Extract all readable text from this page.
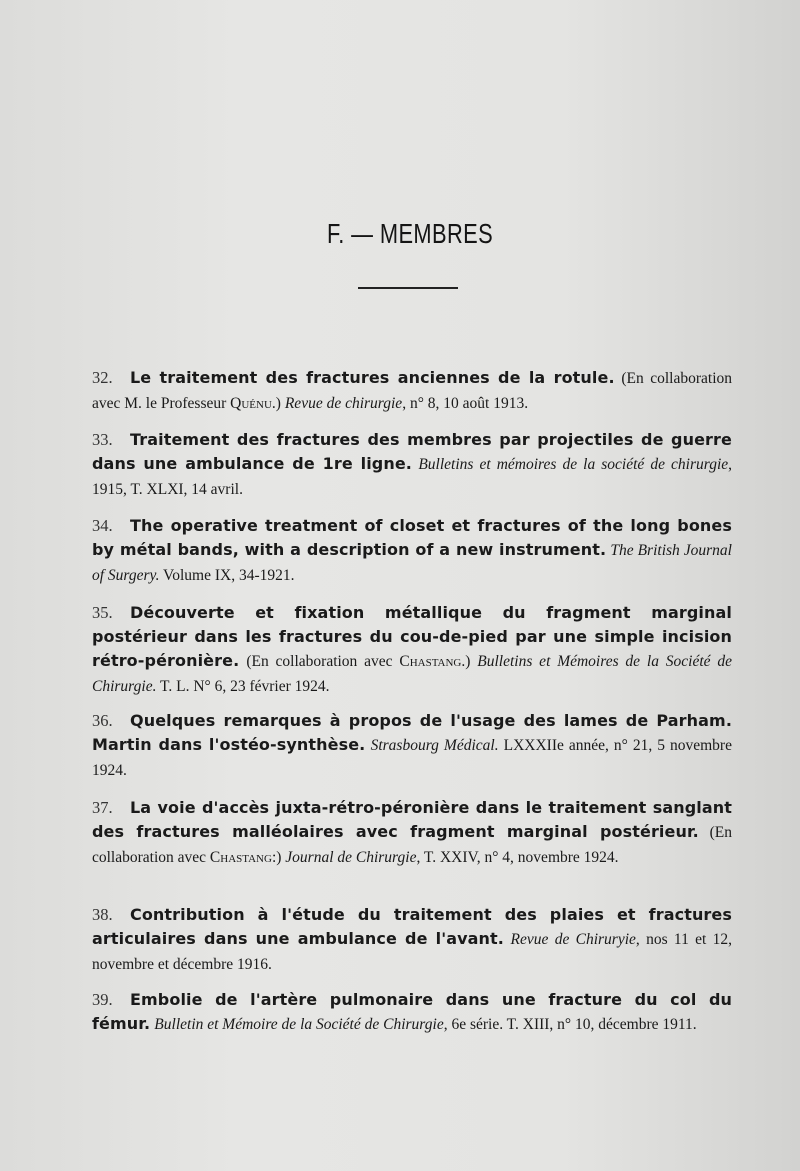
F. — MEMBRES
32. Le traitement des fractures anciennes de la rotule. (En collaboration avec M. le Professeur Quénu.) Revue de chirurgie, n° 8, 10 août 1913.
33. Traitement des fractures des membres par projectiles de guerre dans une ambulance de 1re ligne. Bulletins et mémoires de la société de chirurgie, 1915, T. XLXI, 14 avril.
34. The operative treatment of closet et fractures of the long bones by métal bands, with a description of a new instrument. The British Journal of Surgery. Volume IX, 34-1921.
35. Découverte et fixation métallique du fragment marginal postérieur dans les fractures du cou-de-pied par une simple incision rétro-péronière. (En collaboration avec Chastang.) Bulletins et Mémoires de la Société de Chirurgie. T. L. N° 6, 23 février 1924.
36. Quelques remarques à propos de l'usage des lames de Parham. Martin dans l'ostéo-synthèse. Strasbourg Médical. LXXXIIe année, n° 21, 5 novembre 1924.
37. La voie d'accès juxta-rétro-péronière dans le traitement sanglant des fractures malléolaires avec fragment marginal postérieur. (En collaboration avec Chastang:) Journal de Chirurgie, T. XXIV, n° 4, novembre 1924.
38. Contribution à l'étude du traitement des plaies et fractures articulaires dans une ambulance de l'avant. Revue de Chiruryie, nos 11 et 12, novembre et décembre 1916.
39. Embolie de l'artère pulmonaire dans une fracture du col du fémur. Bulletin et Mémoire de la Société de Chirurgie, 6e série. T. XIII, n° 10, décembre 1911.
